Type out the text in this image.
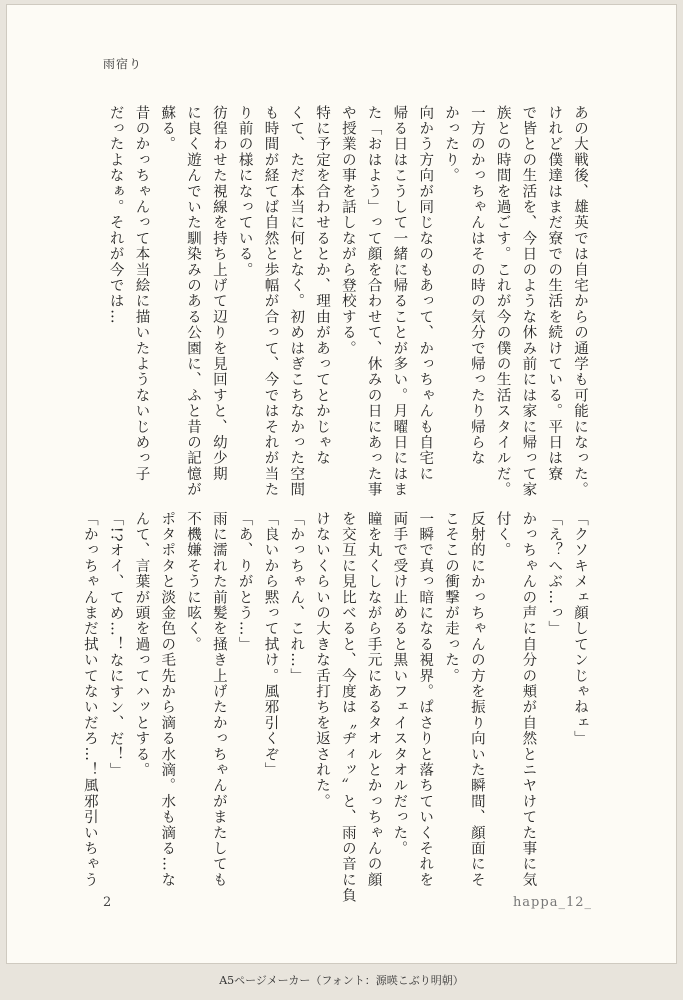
雨宿り

あの大戦後、雄英では自宅からの通学も可能になった。

けれど僕達はまだ寮での生活を続けている。平日は寮

で皆との生活を、今日のような休み前には家に帰って家

族との時間を過ごす。これが今の僕の生活スタイルだ。

一方のかっちゃんはその時の気分で帰ったり帰らな

かったり。

向かう方向が同じなのもあって、かっちゃんも自宅に

帰る日はこうして一緒に帰ることが多い。月曜日にはま

た「おはよう」って顔を合わせて、休みの日にあった事

や授業の事を話しながら登校する。

特に予定を合わせるとか、理由があってとかじゃな

くて、ただ本当に何となく。初めはぎこちなかった空間

も時間が経てば自然と歩幅が合って、今ではそれが当た

り前の様になっている。

彷徨わせた視線を持ち上げて辺りを見回すと、幼少期

に良く遊んでいた馴染みのある公園に、ふと昔の記憶が

蘇る。

昔のかっちゃんって本当絵に描いたようないじめっ子

だったよなぁ。それが今では…

「クソキメェ顔してンじゃねェ」

「え？へぶ…っ」

かっちゃんの声に自分の頬が自然とニヤけてた事に気

付く。

反射的にかっちゃんの方を振り向いた瞬間、顔面にそ

こそこの衝撃が走った。

一瞬で真っ暗になる視界。ぱさりと落ちていくそれを

両手で受け止めると黒いフェイスタオルだった。

瞳を丸くしながら手元にあるタオルとかっちゃんの顔

を交互に見比べると、今度は〝ヂィッ〟と、雨の音に負

けないくらいの大きな舌打ちを返された。

「かっちゃん、これ…」

「良いから黙って拭け。風邪引くぞ」

「あ、りがとう…」

雨に濡れた前髪を掻き上げたかっちゃんがまたしても

不機嫌そうに呟く。

ポタポタと淡金色の毛先から滴る水滴。水も滴る…な

んて、言葉が頭を過ってハッとする。

「!?オイ、てめ…！なにすン、だ！」

「かっちゃんまだ拭いてないだろ…！風邪引いちゃう

2	happa_12_
A5ページメーカー（フォント：源暎こぶり明朝）
